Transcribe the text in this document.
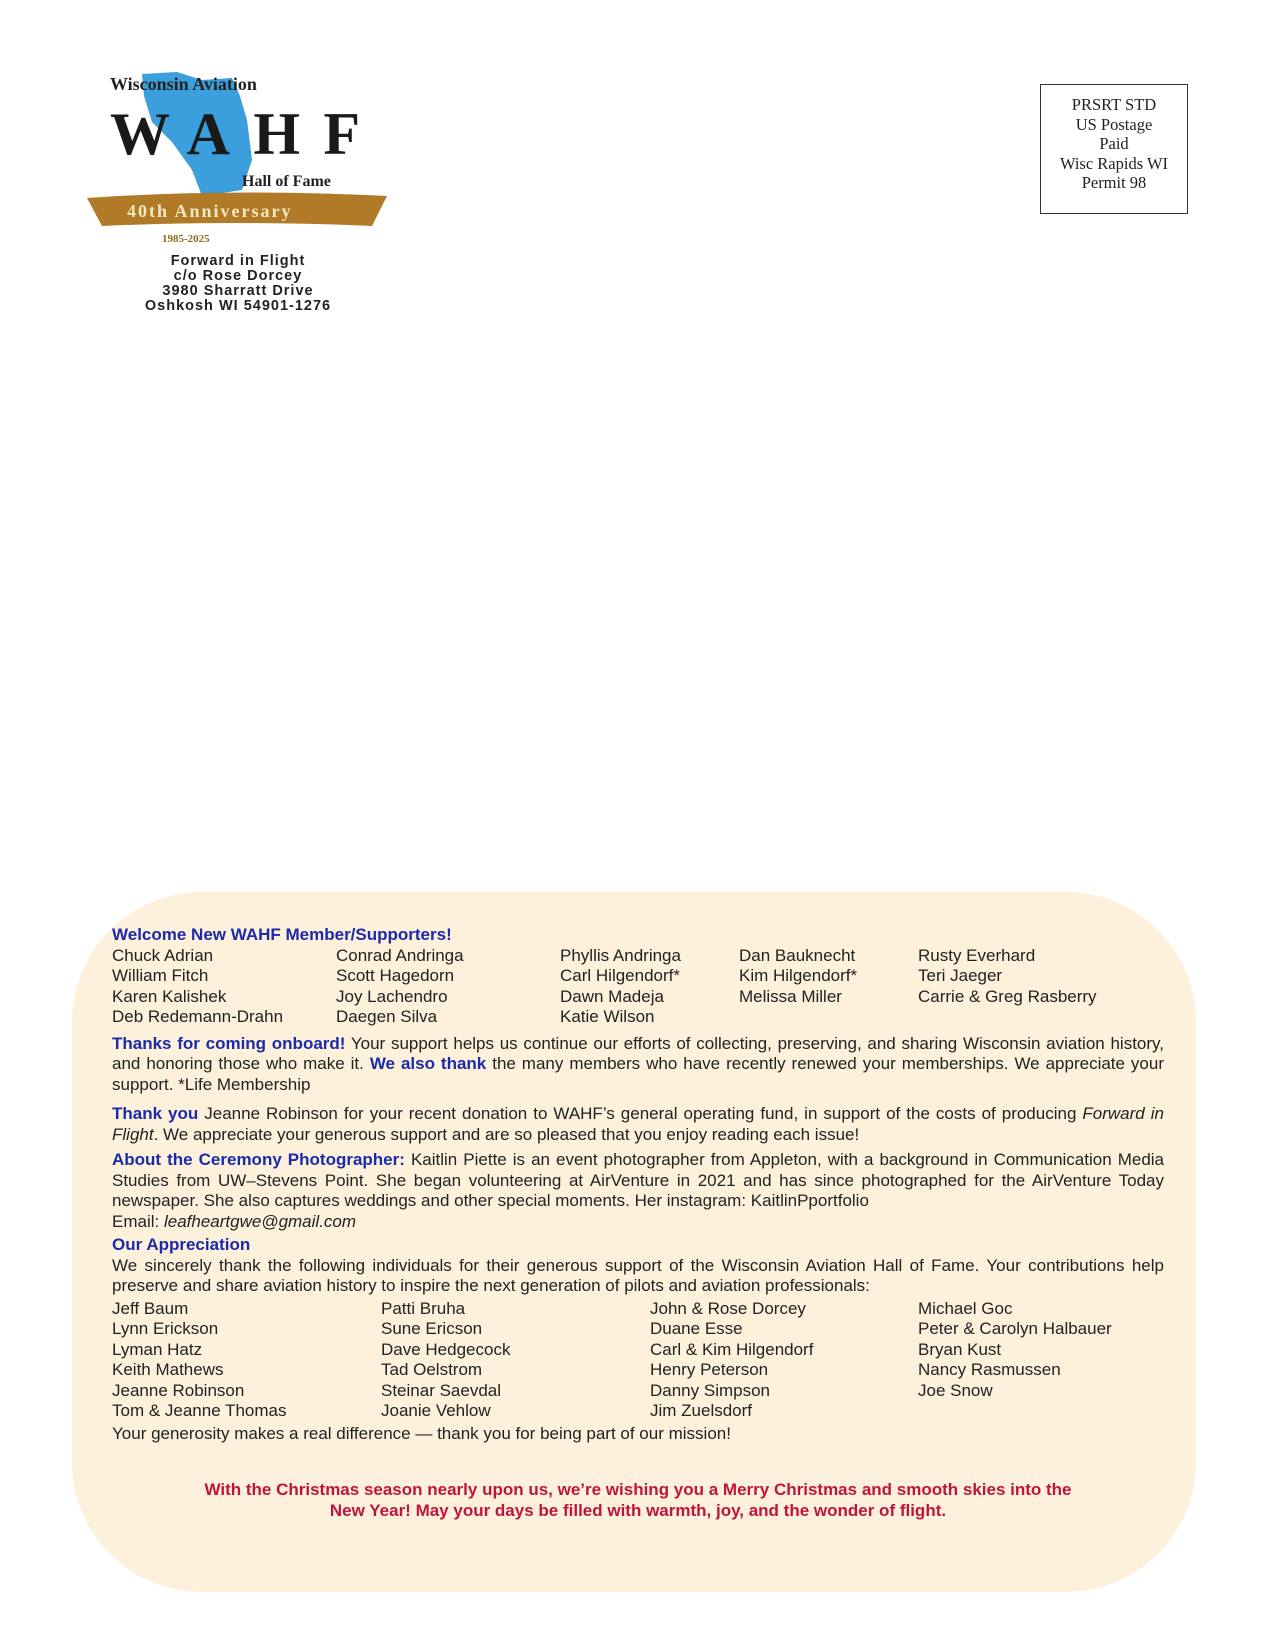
Wisconsin Aviation
WAHF
Hall of Fame
40th Anniversary
1985-2025
Forward in Flight
c/o Rose Dorcey
3980 Sharratt Drive
Oshkosh WI 54901-1276
PRSRT STD
US Postage
Paid
Wisc Rapids WI
Permit 98
Welcome New WAHF Member/Supporters!
Chuck Adrian
William Fitch
Karen Kalishek
Deb Redemann-Drahn
Conrad Andringa
Scott Hagedorn
Joy Lachendro
Daegen Silva
Phyllis Andringa
Carl Hilgendorf*
Dawn Madeja
Katie Wilson
Dan Bauknecht
Kim Hilgendorf*
Melissa Miller
Rusty Everhard
Teri Jaeger
Carrie & Greg Rasberry
Thanks for coming onboard! Your support helps us continue our efforts of collecting, preserving, and sharing Wisconsin aviation history, and honoring those who make it. We also thank the many members who have recently renewed your memberships. We appreciate your support. *Life Membership
Thank you Jeanne Robinson for your recent donation to WAHF’s general operating fund, in support of the costs of producing Forward in Flight. We appreciate your generous support and are so pleased that you enjoy reading each issue!
About the Ceremony Photographer: Kaitlin Piette is an event photographer from Appleton, with a background in Communication Media Studies from UW–Stevens Point. She began volunteering at AirVenture in 2021 and has since photographed for the AirVenture Today newspaper. She also captures weddings and other special moments. Her instagram: KaitlinPportfolio
Email: leafheartgwe@gmail.com
Our Appreciation
We sincerely thank the following individuals for their generous support of the Wisconsin Aviation Hall of Fame. Your contributions help preserve and share aviation history to inspire the next generation of pilots and aviation professionals:
Jeff Baum
Lynn Erickson
Lyman Hatz
Keith Mathews
Jeanne Robinson
Tom & Jeanne Thomas
Patti Bruha
Sune Ericson
Dave Hedgecock
Tad Oelstrom
Steinar Saevdal
Joanie Vehlow
John & Rose Dorcey
Duane Esse
Carl & Kim Hilgendorf
Henry Peterson
Danny Simpson
Jim Zuelsdorf
Michael Goc
Peter & Carolyn Halbauer
Bryan Kust
Nancy Rasmussen
Joe Snow
Your generosity makes a real difference — thank you for being part of our mission!
With the Christmas season nearly upon us, we’re wishing you a Merry Christmas and smooth skies into the New Year! May your days be filled with warmth, joy, and the wonder of flight.
